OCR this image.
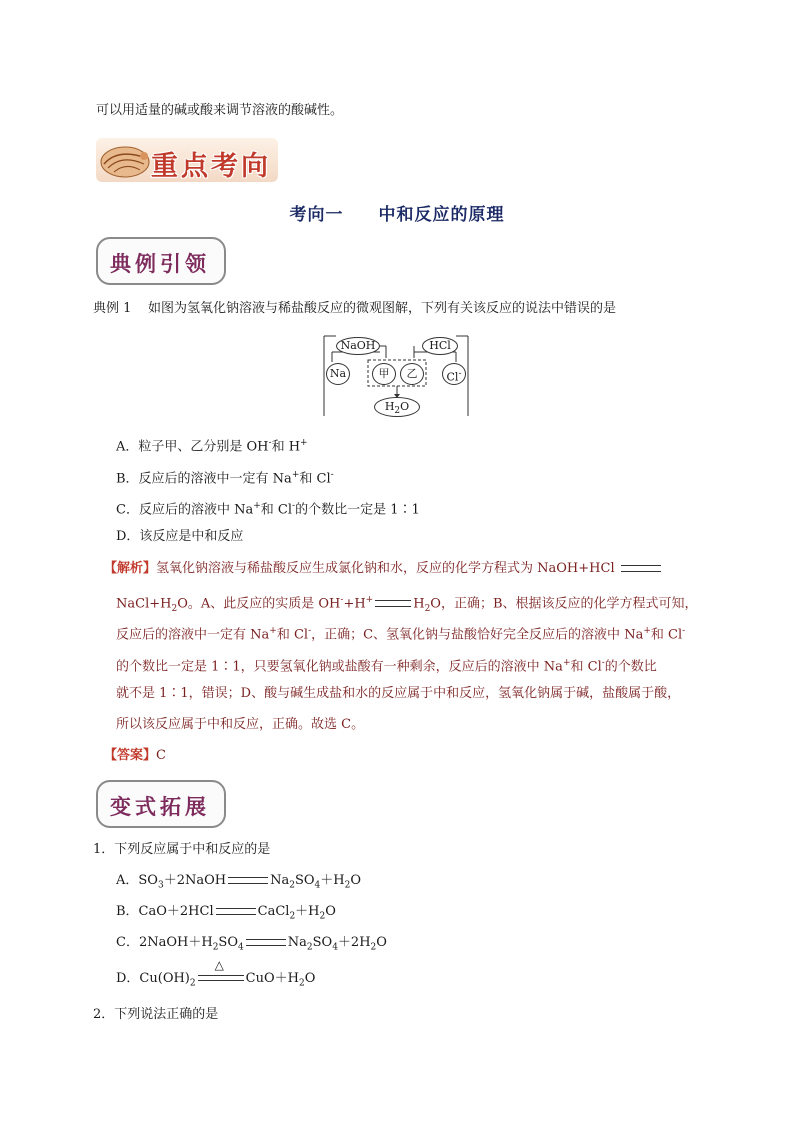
可以用适量的碱或酸来调节溶液的酸碱性。
重点考向
考向一 中和反应的原理
典例引领
典例 1 如图为氢氧化钠溶液与稀盐酸反应的微观图解，下列有关该反应的说法中错误的是
NaOH	HCl
Na	甲	乙	Cl-
$H_2O$
A．粒子甲、乙分别是 OH-和 H+
B．反应后的溶液中一定有 Na+和 Cl-
C．反应后的溶液中 Na+和 Cl-的个数比一定是 1∶1
D．该反应是中和反应
【解析】氢氧化钠溶液与稀盐酸反应生成氯化钠和水，反应的化学方程式为 NaOH+HCl
$NaCl+H_2O$。A、此反应的实质是 OH-+H+	$H_2O$，正确；B、根据该反应的化学方程式可知，
反应后的溶液中一定有 Na+和 Cl-，正确；C、氢氧化钠与盐酸恰好完全反应后的溶液中 Na+和 Cl-
的个数比一定是 1∶1，只要氢氧化钠或盐酸有一种剩余，反应后的溶液中 Na+和 Cl-的个数比
就不是 1∶1，错误；D、酸与碱生成盐和水的反应属于中和反应，氢氧化钠属于碱，盐酸属于酸，
所以该反应属于中和反应，正确。故选 C。
【答案】C
变式拓展
1．下列反应属于中和反应的是
A．$SO_3+2NaOH$	$Na_2SO_4+H_2O$
B．CaO＋2HCl	$CaCl_2+H_2O$
C．$2NaOH+H_2SO_4$	$Na_2SO_4+2H_2O$
D．$Cu(OH)_2$
△
$CuO+H_2O$
2．下列说法正确的是
